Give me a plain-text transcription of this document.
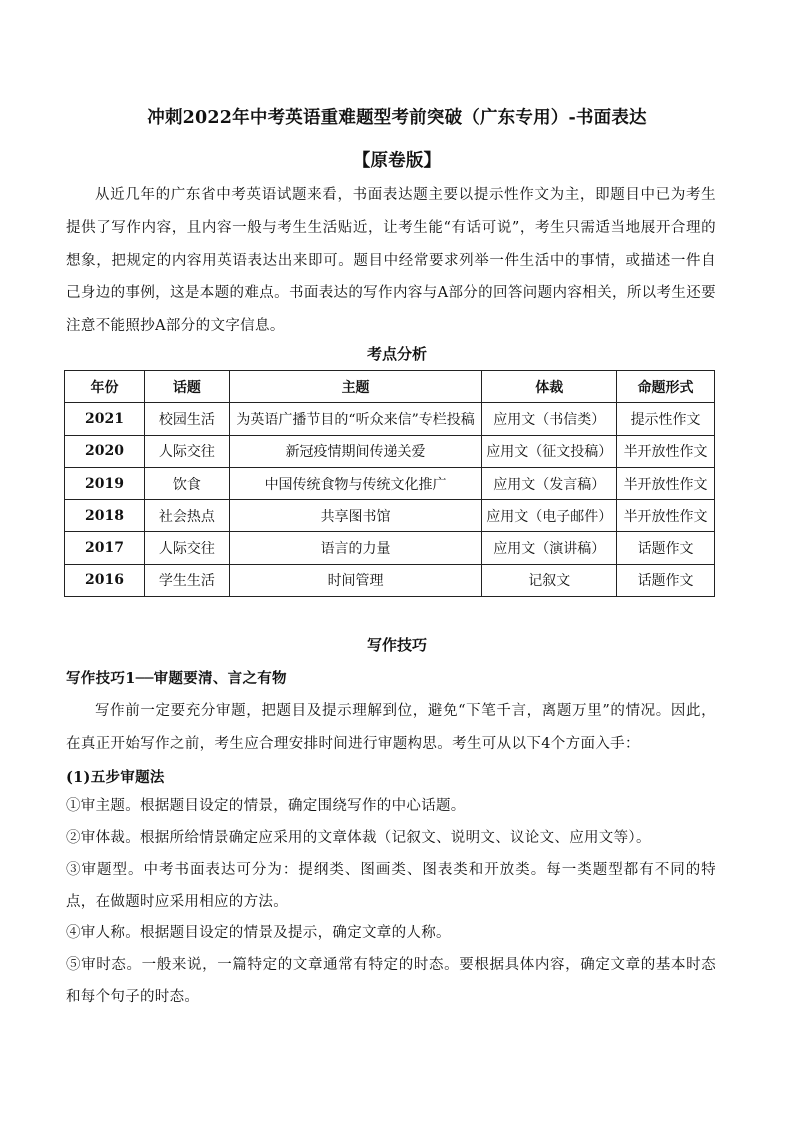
冲刺2022年中考英语重难题型考前突破（广东专用）-书面表达
【原卷版】
从近几年的广东省中考英语试题来看，书面表达题主要以提示性作文为主，即题目中已为考生提供了写作内容，且内容一般与考生生活贴近，让考生能“有话可说”，考生只需适当地展开合理的想象，把规定的内容用英语表达出来即可。题目中经常要求列举一件生活中的事情，或描述一件自己身边的事例，这是本题的难点。书面表达的写作内容与A部分的回答问题内容相关，所以考生还要注意不能照抄A部分的文字信息。
考点分析
年份	话题	主题	体裁	命题形式
2021	校园生活	为英语广播节目的“听众来信”专栏投稿	应用文（书信类）	提示性作文
2020	人际交往	新冠疫情期间传递关爱	应用文（征文投稿）	半开放性作文
2019	饮食	中国传统食物与传统文化推广	应用文（发言稿）	半开放性作文
2018	社会热点	共享图书馆	应用文（电子邮件）	半开放性作文
2017	人际交往	语言的力量	应用文（演讲稿）	话题作文
2016	学生生活	时间管理	记叙文	话题作文
写作技巧
写作技巧1──审题要清、言之有物
写作前一定要充分审题，把题目及提示理解到位，避免“下笔千言，离题万里”的情况。因此，在真正开始写作之前，考生应合理安排时间进行审题构思。考生可从以下4个方面入手：
(1)五步审题法
①审主题。根据题目设定的情景，确定围绕写作的中心话题。
②审体裁。根据所给情景确定应采用的文章体裁（记叙文、说明文、议论文、应用文等）。
③审题型。中考书面表达可分为：提纲类、图画类、图表类和开放类。每一类题型都有不同的特点，在做题时应采用相应的方法。
④审人称。根据题目设定的情景及提示，确定文章的人称。
⑤审时态。一般来说，一篇特定的文章通常有特定的时态。要根据具体内容，确定文章的基本时态和每个句子的时态。
